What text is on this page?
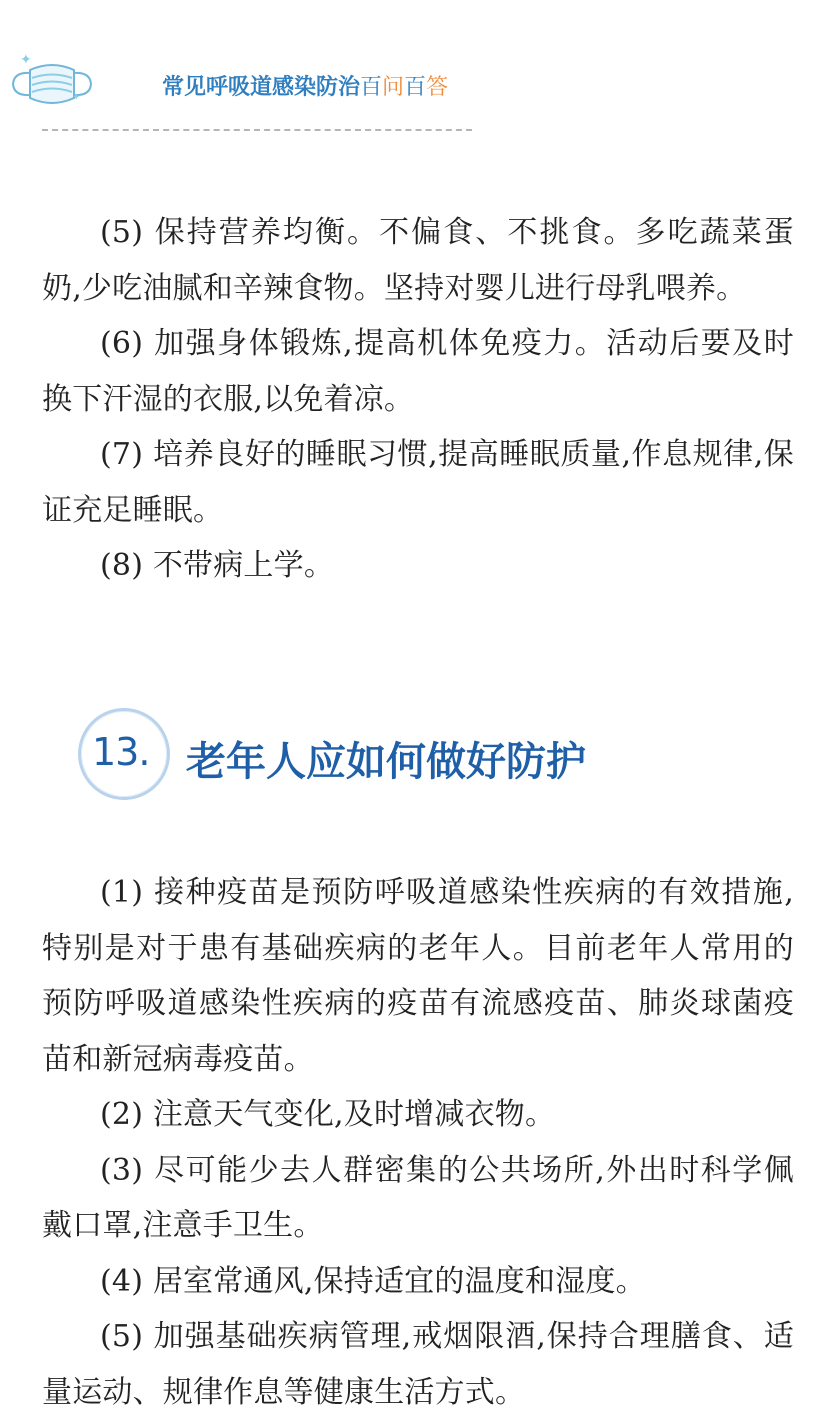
✦
✦	常见呼吸道感染防治百问百答

(5) 保持营养均衡。不偏食、不挑食。多吃蔬菜蛋奶,少吃油腻和辛辣食物。坚持对婴儿进行母乳喂养。

(6) 加强身体锻炼,提高机体免疫力。活动后要及时换下汗湿的衣服,以免着凉。

(7) 培养良好的睡眠习惯,提高睡眠质量,作息规律,保证充足睡眠。

(8) 不带病上学。

13. 老年人应如何做好防护

(1) 接种疫苗是预防呼吸道感染性疾病的有效措施,特别是对于患有基础疾病的老年人。目前老年人常用的预防呼吸道感染性疾病的疫苗有流感疫苗、肺炎球菌疫苗和新冠病毒疫苗。

(2) 注意天气变化,及时增减衣物。

(3) 尽可能少去人群密集的公共场所,外出时科学佩戴口罩,注意手卫生。

(4) 居室常通风,保持适宜的温度和湿度。

(5) 加强基础疾病管理,戒烟限酒,保持合理膳食、适量运动、规律作息等健康生活方式。
